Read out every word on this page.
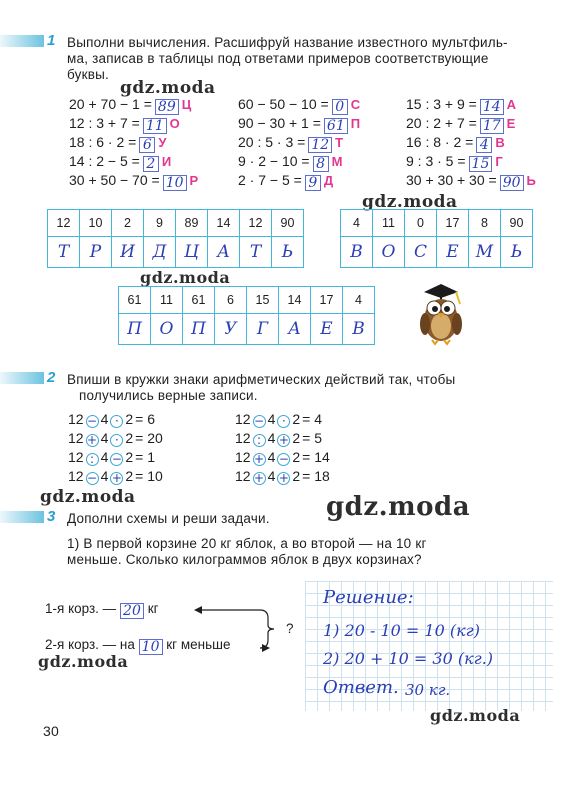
1 Выполни вычисления. Расшифруй название известного мультфиль-
ма, записав в таблицы под ответами примеров соответствующие
буквы.
gdz.moda
20 + 70 − 1 = 89 Ц
12 : 3 + 7 = 11 О
18 : 6 · 2 = 6 У
14 : 2 − 5 = 2 И
30 + 50 − 70 = 10 Р
60 − 50 − 10 = 0 С
90 − 30 + 1 = 61 П
20 : 5 · 3 = 12 Т
9 · 2 − 10 = 8 М
2 · 7 − 5 = 9 Д
15 : 3 + 9 = 14 А
20 : 2 + 7 = 17 Е
16 : 8 · 2 = 4 В
9 : 3 · 5 = 15 Г
30 + 30 + 30 = 90 Ь
gdz.moda
12	10	2	9	89	14	12	90
Т	Р	И	Д	Ц	А	Т	Ь
4	11	0	17	8	90
В	О	С	Е	М	Ь
gdz.moda
61	11	61	6	15	14	17	4
П	О	П	У	Г	А	Е	В
2 Впиши в кружки знаки арифметических действий так, чтобы
получились верные записи.
12 − 4 · 2 = 6
12 + 4 · 2 = 20
12 : 4 − 2 = 1
12 − 4 + 2 = 10
12 − 4 · 2 = 4
12 : 4 + 2 = 5
12 + 4 − 2 = 14
12 + 4 + 2 = 18
gdz.moda	gdz.moda
3 Дополни схемы и реши задачи.
1) В первой корзине 20 кг яблок, а во второй — на 10 кг
меньше. Сколько килограммов яблок в двух корзинах?
1-я корз. — 20 кг
2-я корз. — на 10 кг меньше
?
gdz.moda
Решение:
1) 20 - 10 = 10 (кг)
2) 20 + 10 = 30 (кг.)
Ответ. 30 кг.
gdz.moda
30
